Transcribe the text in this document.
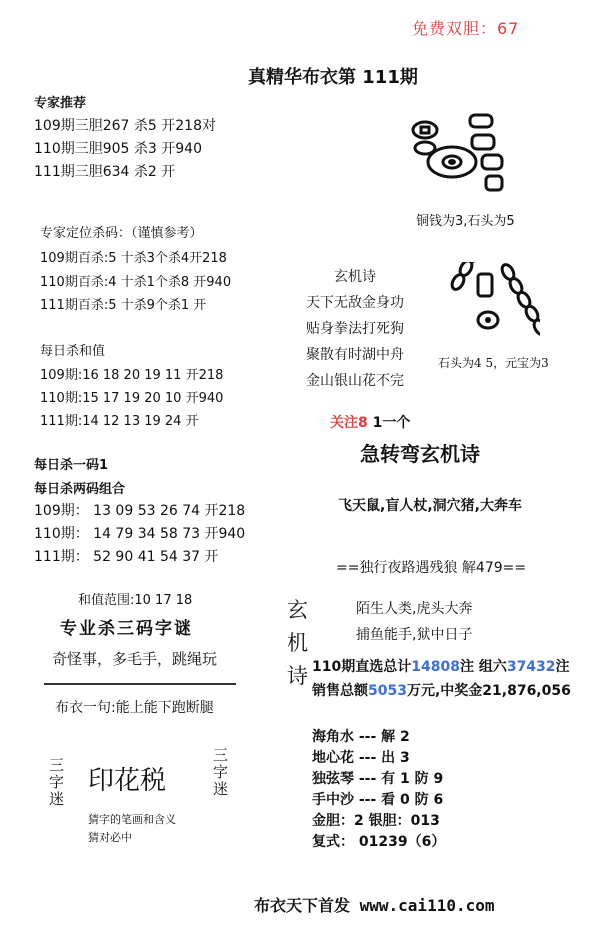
免费双胆：67
真精华布衣第 111期
专家推荐
109期三胆267 杀5 开218对
110期三胆905 杀3 开940
111期三胆634 杀2 开
专家定位杀码：（谨慎参考）
109期百杀:5 十杀3个杀4开218
110期百杀:4 十杀1个杀8 开940
111期百杀:5 十杀9个杀1 开
每日杀和值
109期:16 18 20 19 11 开218
110期:15 17 19 20 10 开940
111期:14 12 13 19 24 开
每日杀一码1
每日杀两码组合
109期： 13 09 53 26 74 开218
110期： 14 79 34 58 73 开940
111期： 52 90 41 54 37 开
和值范围:10 17 18
专业杀三码字谜
奇怪事，多毛手，跳绳玩
布衣一句:能上能下跑断腿
三字迷 印花税	三字迷
猜字的笔画和含义
猜对必中
铜钱为3,石头为5
玄机诗
天下无敌金身功
贴身拳法打死狗
聚散有时湖中舟
金山银山花不完
石头为4 5，元宝为3
关注8 1一个
急转弯玄机诗
飞天鼠,盲人杖,洞穴猪,大奔车
==独行夜路遇残狼 解479==
玄
机
诗
陌生人类,虎头大奔
捕鱼能手,狱中日子
110期直选总计14808注 组六37432注
销售总额5053万元,中奖金21,876,056
海角水 --- 解 2
地心花 --- 出 3
独弦琴 --- 有 1 防 9
手中沙 --- 看 0 防 6
金胆：2 银胆：013
复式： 01239（6）
布衣天下首发 www.cai110.com
